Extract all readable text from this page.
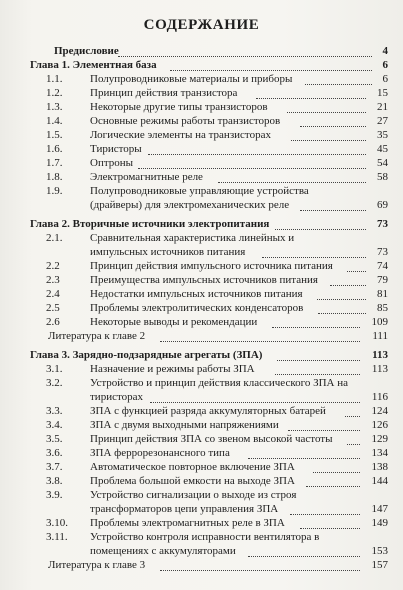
СОДЕРЖАНИЕ
Предисловие	4
Глава 1. Элементная база	6
1.1.	Полупроводниковые материалы и приборы	6
1.2.	Принцип действия транзистора	15
1.3.	Некоторые другие типы транзисторов	21
1.4.	Основные режимы работы транзисторов	27
1.5.	Логические элементы на транзисторах	35
1.6.	Тиристоры	45
1.7.	Оптроны	54
1.8.	Электромагнитные реле	58
1.9.	Полупроводниковые управляющие устройства
(драйверы) для электромеханических реле	69
Глава 2. Вторичные источники электропитания	73
2.1.	Сравнительная характеристика линейных и
импульсных источников питания	73
2.2	Принцип действия импульсного источника питания	74
2.3	Преимущества импульсных источников питания	79
2.4	Недостатки импульсных источников питания	81
2.5	Проблемы электролитических конденсаторов	85
2.6	Некоторые выводы и рекомендации	109
Литература к главе 2	111
Глава 3. Зарядно-подзарядные агрегаты (ЗПА)	113
3.1.	Назначение и режимы работы ЗПА	113
3.2.	Устройство и принцип действия классического ЗПА на
тиристорах	116
3.3.	ЗПА с функцией разряда аккумуляторных батарей	124
3.4.	ЗПА с двумя выходными напряжениями	126
3.5.	Принцип действия ЗПА со звеном высокой частоты	129
3.6.	ЗПА феррорезонансного типа	134
3.7.	Автоматическое повторное включение ЗПА	138
3.8.	Проблема большой емкости на выходе ЗПА	144
3.9.	Устройство сигнализации о выходе из строя
трансформаторов цепи управления ЗПА	147
3.10. Проблемы электромагнитных реле в ЗПА	149
3.11. Устройство контроля исправности вентилятора в
помещениях с аккумуляторами	153
Литература к главе 3	157
